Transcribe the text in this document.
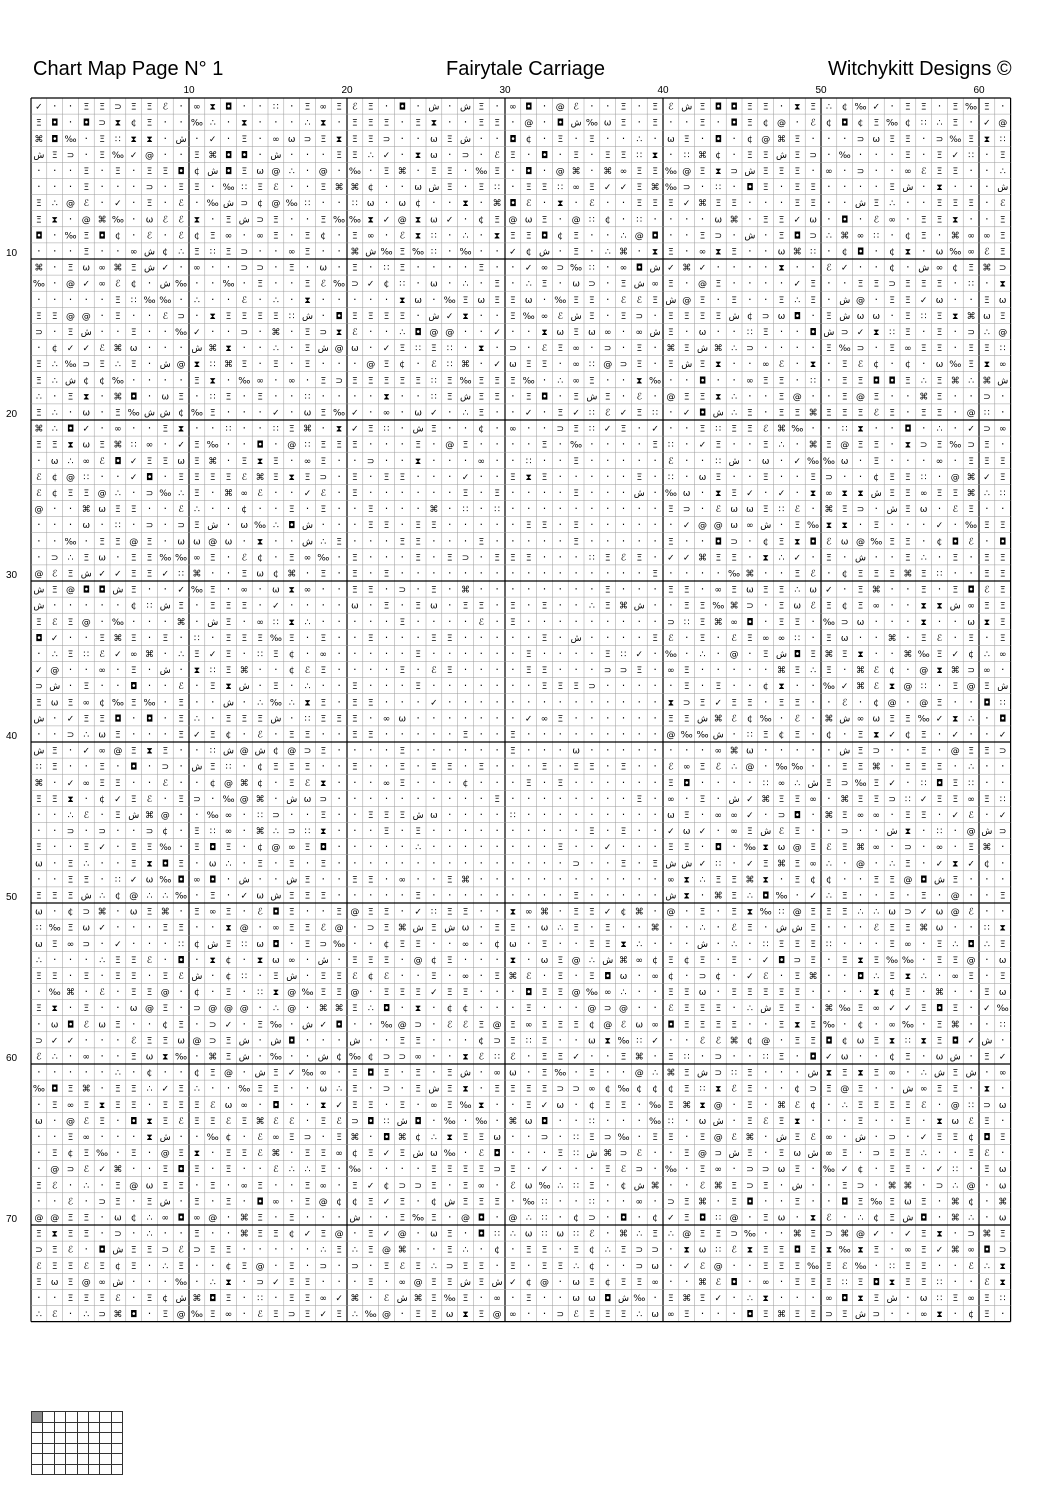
Chart Map Page N° 1	Fairytale Carriage	Witchykitt Designs ©
10	20	30	40	50	60
10
20
30
40
50
60
70
✓ · · Ξ Ξ ⊃ Ξ Ξ ℰ · ∞ ⧗ ◘ · · ∷ · Ξ ∞ Ξ ℰ Ξ · ◘ · ش · ش Ξ · ∞ ◘ · @ ℰ · · Ξ · Ξ ℰ ش Ξ ◘ ◘ Ξ Ξ · ⧗ Ξ ∴ ¢ ‰ ✓ · Ξ Ξ · Ξ ‰ Ξ ·
Ξ ◘ · ◘ ⊃ ⧗ ¢ Ξ · · ‰ ∴ · ⧗ · · · ∴ ⧗ · Ξ Ξ Ξ · Ξ ⧗ · · Ξ Ξ · @ · ◘ ش ‰ ω Ξ · Ξ · · Ξ · ◘ Ξ ¢ @ · ℰ ¢ ◘ ¢ Ξ ‰ ¢ ∷ ∴ Ξ · ✓ @
⌘ ◘ ‰ · Ξ ∷ ⧗ ⧗ · ش · ✓ · Ξ · ∞ ω ⊃ Ξ ⧗ Ξ Ξ ⊃ · · ω Ξ ش · · ◘ ¢ · Ξ · Ξ · · ∴ · ω Ξ · ◘ · ¢ @ ⌘ Ξ · · · ⊃ ω Ξ Ξ · ⊃ ‰ Ξ ⧗ ∷
ش Ξ ⊃ · Ξ ‰ ✓ @ · · Ξ ⌘ ◘ ◘ · ش · · · Ξ Ξ ∴ ✓ · ⧗ ω · ⊃ · ℰ Ξ · ◘ · Ξ · Ξ Ξ ∷ ⧗ · ∷ ⌘ ¢ · Ξ Ξ ش Ξ ⊃ · ‰ · · · Ξ · Ξ ✓ ∷ · Ξ
· · · Ξ · Ξ · Ξ Ξ ◘ ¢ ش ◘ Ξ ω @ ∴ · @ · ‰ · Ξ ⌘ · Ξ Ξ · ‰ Ξ · ◘ · @ ⌘ · ⌘ ∞ Ξ Ξ ‰ @ Ξ ⧗ ⊃ ش Ξ Ξ Ξ · ∞ · ⊃ · · ∞ ℰ Ξ Ξ · · ∴
· · · Ξ · · · ⊃ · Ξ Ξ · ‰ ∷ Ξ ℰ · · Ξ ⌘ ⌘ ¢ · · ω ش Ξ · Ξ ∷ · Ξ Ξ ∷ ∞ Ξ ✓ ✓ Ξ ⌘ ‰ ⊃ · ∷ · ◘ Ξ · Ξ Ξ · · · · Ξ ش · ⧗ · · · ش
Ξ ∴ @ ℰ · ✓ · Ξ · ℰ · ‰ ش ⊃ ¢ @ ‰ ∷ · · ∷ ω · ω ¢ · · ⧗ · ⌘ ◘ ℰ · ⧗ · ℰ · · Ξ Ξ Ξ ✓ ⌘ Ξ Ξ · · · Ξ Ξ · · ش Ξ ∴ · · Ξ Ξ Ξ · ℰ
Ξ ⧗ · @ ⌘ ‰ · ω ℰ ℰ ⧗ · Ξ ش ⊃ Ξ · · Ξ ‰ ‰ ⧗ ✓ @ ⧗ ω ✓ · ¢ Ξ @ ω Ξ · @ ∷ ¢ · ∷ · · · · ω ⌘ · Ξ Ξ ✓ ω · ◘ · ℰ ∞ · Ξ Ξ ⧗ · · Ξ
◘ · ‰ Ξ ◘ ¢ · ℰ · ℰ ¢ Ξ ∞ · ∞ Ξ · Ξ ¢ · Ξ ∞ · ℰ ⧗ ∷ · ∴ · ⧗ Ξ Ξ ◘ ¢ Ξ · · ∴ @ ◘ · · Ξ ⊃ · ش · Ξ ◘ ⊃ ∴ ⌘ ∞ ∷ · ¢ Ξ · ⌘ ∞ ∞ Ξ
· · · Ξ · · ∞ ش ¢ ∴ Ξ ∷ Ξ ⊃ · · ∞ Ξ · · ⌘ ش ‰ Ξ ‰ ∷ · ‰ · · ✓ ¢ ش · Ξ · ∴ ⌘ · ⧗ Ξ · ∞ ⧗ Ξ · · ω ⌘ ∷ · ¢ ◘ · ¢ ⧗ · ω ‰ ∞ ℰ Ξ
⌘ · Ξ ω ∞ ⌘ Ξ ش ✓ · ∞ · · ⊃ ⊃ · Ξ · ω · Ξ · ∷ Ξ · · · · Ξ · · ✓ ∞ ⊃ ‰ ∷ · ∞ ◘ ش ✓ ⌘ ✓ · · · · ⧗ · · ℰ ✓ · · ¢ · ش ∞ ¢ Ξ ⌘ ⊃
‰ · @ ✓ ∞ ℰ ¢ · ش ‰ · · ‰ · Ξ · · Ξ ℰ ‰ ⊃ ✓ ¢ ∷ · ω · ∴ · Ξ · ∴ Ξ · ω ⊃ · Ξ ش ∞ Ξ · @ Ξ · · · · ✓ Ξ · · Ξ Ξ ⊃ Ξ Ξ Ξ · ∷ · ⧗
· · · · · Ξ ∷ ‰ ‰ · ∴ · · ℰ · ∴ · ⧗ · · · · · ⧗ ω · ‰ Ξ ω Ξ Ξ ω · ‰ Ξ Ξ · ℰ ℰ Ξ ش @ Ξ · Ξ · · Ξ ∴ Ξ · ش @ · Ξ Ξ ✓ ω · · Ξ ω
Ξ Ξ @ @ · Ξ · · ℰ ⊃ · ⧗ Ξ Ξ Ξ Ξ ∷ ش · ◘ Ξ Ξ Ξ Ξ · ش ✓ ⧗ · · Ξ ‰ ∞ ℰ ش Ξ · Ξ ⊃ · Ξ Ξ Ξ Ξ ش ¢ ⊃ ω ◘ · Ξ ش ω ω · Ξ ∷ Ξ ⧗ ⌘ ω Ξ
⊃ · Ξ ش · · Ξ · · ‰ ✓ · · ⊃ · ⌘ · Ξ ⊃ ⧗ ℰ · · ∴ ◘ @ @ · · ✓ · · ⧗ ω Ξ ω ∞ · ∞ ش Ξ · ω · · ∷ Ξ · · ◘ ش ⊃ ✓ ⧗ ∷ Ξ · Ξ · ⊃ ∴ @
· ¢ ✓ ✓ ℰ ⌘ ω · · · ش ⌘ ⧗ · · ∴ · Ξ ش @ ω · ✓ Ξ ∷ Ξ ∷ · ⧗ · ⊃ · ℰ Ξ ∞ · ⊃ · Ξ · ⌘ Ξ ش ⌘ ∴ ⊃ · · · · Ξ ‰ ⊃ · Ξ ∞ Ξ Ξ · Ξ Ξ ∷
Ξ ∴ ‰ ⊃ Ξ ∴ Ξ · ش @ ⧗ ∷ ⌘ Ξ · Ξ · Ξ · · · @ Ξ ¢ · ℰ ∷ ⌘ · ✓ ω Ξ Ξ · ∞ ∷ @ ⊃ Ξ · Ξ ش Ξ ⧗ · · ∞ ℰ · ⧗ · Ξ ℰ ¢ · ¢ · ω ‰ Ξ ⧗ ∞
Ξ ∴ ش ¢ ¢ ‰ · · · · Ξ ⧗ · ‰ ∞ · ∞ · Ξ ⊃ Ξ Ξ Ξ Ξ Ξ ∷ Ξ ‰ Ξ Ξ Ξ ‰ · ∴ ∞ Ξ · · ⧗ ‰ · · ◘ · · ∞ Ξ Ξ · ∷ · Ξ Ξ ◘ ◘ Ξ ∴ Ξ ⌘ ∴ ⌘ ش
∴ · Ξ ⧗ · ⌘ ◘ · ω Ξ · ∷ Ξ · Ξ · · ∷ · · · · ⧗ · · ∷ Ξ ش Ξ Ξ · Ξ ◘ · Ξ ش Ξ · ℰ · @ Ξ Ξ ⧗ ∴ · · Ξ @ · · Ξ @ Ξ · · ⌘ Ξ · · ⊃ ·
Ξ ∴ · ω · Ξ ‰ ش ش ¢ ‰ Ξ · · · ✓ · ω Ξ ‰ ✓ · ∞ · ω ✓ · ∴ Ξ · · ✓ · Ξ ✓ ∷ ℰ ✓ Ξ ∷ · ✓ ◘ ش ∴ Ξ · Ξ Ξ ⌘ Ξ Ξ Ξ ℰ Ξ · Ξ Ξ · @ ∷ ·
⌘ ∴ ◘ ✓ · ∞ · · Ξ ⧗ · · ∷ · · ∷ Ξ ⌘ · ⧗ ✓ Ξ ∷ · ش Ξ · · ¢ · ∞ · · ⊃ Ξ ∷ ✓ Ξ · ✓ · · Ξ ∷ Ξ Ξ ℰ ⌘ ‰ · · ∷ ⧗ · · ◘ · ∴ · ✓ ⊃ ∞
Ξ Ξ ⧗ ω Ξ ⌘ ∷ ∞ · ✓ Ξ ‰ · · ◘ · @ ∷ Ξ Ξ Ξ · · · Ξ · @ Ξ · · · · Ξ · ‰ · · · · Ξ ∷ · ✓ Ξ · · Ξ ∴ · ⌘ Ξ @ Ξ Ξ · ⧗ ⊃ Ξ ‰ ⊃ Ξ ·
· ω ∴ ∞ ℰ ◘ ✓ Ξ Ξ ω Ξ ⌘ · Ξ ⧗ Ξ · ∞ Ξ · · ⊃ · · ⧗ · · · ∞ · · ∷ · · Ξ · · · · · ℰ · · ∷ ش · ω · ✓ ‰ ‰ ω · Ξ · · · ∞ · Ξ Ξ Ξ
ℰ ¢ @ ∷ · · ✓ ◘ · Ξ Ξ Ξ Ξ ℰ ⌘ Ξ ⧗ Ξ ⊃ · Ξ · Ξ Ξ · · · ✓ · · Ξ ⧗ Ξ · · · · · Ξ · ∷ · ω Ξ · · Ξ · · Ξ ⊃ · · ¢ Ξ Ξ ∷ · @ ⌘ ✓ Ξ
ℰ ¢ Ξ Ξ @ ∴ · ⊃ ‰ ∴ Ξ · ⌘ ∞ ℰ · · ✓ ℰ · Ξ · · · · · · Ξ · Ξ · · · · Ξ · · · ش · ‰ ω · ⧗ Ξ ✓ · ✓ · ⧗ ∞ ⧗ ⧗ ش Ξ Ξ ∞ Ξ Ξ ⌘ ∴ ∷
@ · · ⌘ ω Ξ Ξ · · ℰ ∴ · · ¢ · · Ξ · Ξ · · Ξ · · · ⌘ · ∷ · ∷ · · · · · · · · · · Ξ ⊃ · ℰ ω ω Ξ ∷ ℰ · ⌘ Ξ ⊃ · ش Ξ ω · ℰ Ξ · ·
· · · ω · ∷ · ⊃ · ⊃ Ξ ش · ω ‰ ∴ ◘ ش · · · Ξ Ξ · Ξ Ξ · · · · · Ξ Ξ · Ξ · · · · · · ✓ @ @ ω ∞ ش · Ξ ‰ ⧗ ⧗ · Ξ · · · ✓ · ‰ Ξ Ξ
· · ‰ · Ξ Ξ @ Ξ · ω ω @ ω · ⧗ · · ش ∴ Ξ · · · Ξ Ξ · · · Ξ · · · · · Ξ · · · · · Ξ · · ◘ ⊃ · ¢ Ξ ⧗ ◘ ℰ ω @ ‰ Ξ Ξ · ¢ ◘ ℰ · ◘
· ⊃ ∴ Ξ ω · Ξ Ξ ‰ ‰ ∞ Ξ · ℰ ¢ · Ξ ∞ ‰ · Ξ · · · Ξ · Ξ ⊃ · Ξ Ξ Ξ · · · ∷ Ξ ℰ Ξ · ✓ ✓ ⌘ Ξ Ξ · ⧗ ∴ ✓ · Ξ · ش · · Ξ ∴ · Ξ · Ξ Ξ
@ ℰ Ξ ش ✓ ✓ Ξ Ξ ✓ ∷ ⌘ · · Ξ ω ¢ ⌘ · Ξ · Ξ · Ξ · · · · · · · · · · · · · · · · Ξ · · · · ‰ ⌘ · · Ξ ℰ · ¢ Ξ Ξ Ξ ⌘ Ξ ∷ · · Ξ Ξ
ش Ξ @ ◘ ◘ ش Ξ · · ✓ ‰ Ξ · ∞ · ω ⧗ ∞ · · Ξ Ξ · ⊃ · Ξ · ⌘ · · · · · · · · Ξ · · · Ξ Ξ · ∞ Ξ ω Ξ Ξ ∴ ω ✓ · Ξ ⌘ · · Ξ · Ξ ◘ ℰ Ξ
ش · · · · · ¢ ∷ ش Ξ · Ξ Ξ Ξ · ✓ · · · · ω · Ξ · Ξ ω · Ξ Ξ · Ξ · Ξ · · ∴ Ξ ⌘ ش · · Ξ Ξ ‰ ⌘ ⊃ · Ξ ω ℰ Ξ ¢ Ξ ∞ · · ⧗ ⧗ ش ∞ Ξ Ξ
Ξ ℰ Ξ @ · ‰ · · · ⌘ · ش Ξ · ∞ ∷ ⧗ ∴ · · · · · Ξ · · · · ℰ · Ξ · · · · · · · · · ⊃ ∷ Ξ ⌘ ∞ ◘ · Ξ Ξ · ‰ ⊃ ω · · · ⧗ · · ω ⧗ Ξ
◘ ✓ · · Ξ ⌘ Ξ · Ξ · ∷ · Ξ Ξ Ξ ‰ Ξ · Ξ · · Ξ · · · Ξ Ξ · · · · · Ξ · ش · · · · Ξ ℰ · Ξ · ℰ Ξ ∞ ∞ ∷ · Ξ ω · · ⌘ · Ξ ℰ · Ξ · Ξ
· ∴ Ξ ∷ ℰ ✓ ∞ ⌘ · ∴ Ξ ✓ Ξ · ∷ Ξ ¢ · ∞ · · · · · Ξ · · · · · · Ξ · · · · Ξ ∷ ✓ · ‰ · ∴ · @ · Ξ ش ◘ Ξ ⌘ Ξ ⧗ · · ⌘ ‰ Ξ ✓ ¢ ∴ ∞
✓ @ · · ∞ · Ξ · ش · ⧗ ∷ Ξ ⌘ · · ¢ ℰ Ξ · · · · Ξ · ℰ Ξ · · · · Ξ Ξ · · · ⊃ ⊃ Ξ · ∞ Ξ · · · · · ⌘ Ξ ∴ Ξ · ⌘ ℰ ¢ · @ ⧗ ⌘ ⊃ ∞ ·
⊃ ش · Ξ · · ◘ · · ℰ · Ξ ⧗ ش · Ξ · ∴ · · Ξ · · · Ξ · · · · · · · Ξ Ξ Ξ ⊃ · · · · · Ξ · Ξ · · ¢ ⧗ · · ‰ ✓ ⌘ ℰ ⧗ @ ∷ · Ξ @ Ξ ش
Ξ ω Ξ ∞ ¢ ‰ Ξ ‰ · Ξ · · ش · ∴ ‰ ∴ ⧗ Ξ · Ξ Ξ · · · ✓ · · · · · · · · · · · · · · ⧗ ⊃ Ξ ✓ Ξ Ξ · Ξ Ξ · · ℰ · ¢ @ · @ Ξ · · ◘ ∷
ش · ✓ Ξ Ξ ◘ · ◘ · Ξ ∴ · Ξ Ξ Ξ ش · ∷ Ξ Ξ Ξ · ∞ ω · · · · · · · ✓ ∞ Ξ · · · · · · Ξ Ξ ش ⌘ ℰ ¢ ‰ · ℰ · ⌘ ش ∞ ω Ξ Ξ ‰ ✓ ⧗ ∴ · ◘
· · ⊃ ∴ ω Ξ · · · Ξ ✓ Ξ ¢ · ℰ · Ξ Ξ · · Ξ Ξ · · · · · Ξ · · Ξ · · · · · · · · · @ ‰ ‰ ش · ∷ Ξ ¢ Ξ · ¢ · Ξ ⧗ ✓ ¢ Ξ · ✓ · · ✓
ش Ξ · ✓ ∞ @ Ξ ⧗ Ξ · · ∷ ش @ ش ¢ @ ⊃ Ξ · · · · Ξ · · · · · · Ξ · · · ω · · · · · · · · ∞ ⌘ ω · · · · · ش Ξ ⊃ · · Ξ · @ Ξ Ξ ⊃
∷ Ξ · · Ξ · ◘ · ⊃ · ش Ξ ∷ · ¢ Ξ Ξ Ξ · · Ξ · · Ξ · Ξ Ξ · Ξ · · · Ξ · Ξ Ξ · Ξ · · ℰ ∞ Ξ ℰ ∴ @ · ‰ ‰ · · Ξ Ξ ⌘ · Ξ Ξ Ξ · ∴ · ·
⌘ · ✓ ∞ Ξ Ξ · · ℰ · · ¢ @ ⌘ ¢ · Ξ ℰ ⧗ · · · ∞ Ξ · · · ¢ · · · Ξ · Ξ · · · · · · Ξ ◘ · · · · ∷ ∞ ∴ ش Ξ ⊃ ‰ Ξ ✓ · ∷ ◘ Ξ ∷ · ·
Ξ Ξ ⧗ · ¢ ✓ Ξ ℰ · Ξ ⊃ · ‰ @ ⌘ · ش ω ⊃ · · · · · · · · · · Ξ · · · · · · · · Ξ · ∞ · Ξ · ش ✓ ⌘ Ξ Ξ ∞ · ⌘ Ξ Ξ ⊃ ∷ ✓ Ξ Ξ ∞ Ξ ∷
· · ∴ ℰ · Ξ ش ⌘ @ · · ‰ ∞ · ∷ ⊃ · · Ξ · · Ξ Ξ Ξ ش ω · · · · ∷ · · · · · · · · · ω Ξ · ∞ ∞ ✓ · ⊃ ◘ · ⌘ Ξ ∞ ∞ · Ξ Ξ · ✓ ℰ · ✓
· · ⊃ · ⊃ · · ⊃ ¢ · Ξ ∷ ∞ · ⌘ ∴ ⊃ ∷ ⧗ · · · Ξ · Ξ · · · · · · · · · · Ξ · Ξ · · ✓ ω ✓ · ∞ Ξ ش ℰ Ξ · · ⊃ · · ش ⧗ · ∷ · @ ش ⊃
Ξ · · Ξ ✓ · Ξ Ξ ‰ · Ξ ◘ Ξ · ¢ @ ∞ Ξ ◘ · · · · · ∴ · · · · · · · · Ξ · · ✓ · · · Ξ Ξ · ◘ · ‰ ⧗ ω @ Ξ ℰ Ξ ⌘ ∞ · ⊃ · ∞ · Ξ ⌘ ·
ω · Ξ ∴ · · Ξ ⧗ ◘ Ξ · ω ∴ · Ξ · Ξ · Ξ · · · · · · · · · · · · · · · ⊃ · · Ξ · Ξ ش ش ✓ ∷ · ✓ Ξ ⌘ Ξ ∞ ∴ · @ · ∴ Ξ · ✓ ⧗ ✓ ¢ ·
· · Ξ Ξ · ∷ ✓ ω ‰ ◘ ∞ ◘ · ش · · ش Ξ · · Ξ Ξ · ∞ · · Ξ ⌘ · · · · · · · · · · · · ∞ ⧗ ∴ Ξ Ξ ⌘ ⧗ · Ξ ¢ ¢ · · Ξ Ξ @ ◘ ش Ξ · · ·
Ξ Ξ Ξ ش ∴ ¢ @ ∴ ∴ ‰ · Ξ · ✓ ω ش Ξ Ξ Ξ · · · · · Ξ · · · · · · · · · Ξ · · · · · ش ⧗ · ⌘ Ξ ∴ ◘ ‰ · ✓ ∴ Ξ · · Ξ · Ξ · @ · · Ξ
ω · ¢ ⊃ ⌘ · ω Ξ ⌘ · Ξ ∞ Ξ · ℰ ◘ Ξ · · Ξ @ Ξ Ξ · ✓ ∷ Ξ Ξ · · ⧗ ∞ ⌘ · Ξ Ξ ✓ ¢ ⌘ · @ · Ξ · Ξ ⧗ ‰ ∷ @ Ξ Ξ Ξ ∴ ∴ ω ⊃ ✓ ω @ ℰ · ·
∷ ‰ Ξ ω ✓ · · · Ξ Ξ · · ⧗ @ · ∞ Ξ Ξ ℰ @ · ⊃ Ξ ⌘ ش Ξ ش ω · Ξ Ξ · ω ∴ Ξ · Ξ · · ⌘ · · ∴ · ℰ Ξ · ش ش Ξ · · · ℰ Ξ Ξ ⌘ ω · · ∷ ⧗
ω Ξ ∞ ⊃ · ✓ · · · ∷ ¢ ش Ξ ∷ ω ◘ · Ξ ⊃ ‰ · · ¢ Ξ Ξ · · ∞ · ¢ ω · Ξ · · Ξ Ξ ⧗ ∴ · · · ش · ∴ · ∷ Ξ Ξ Ξ ∷ · · · Ξ ∞ · Ξ ∴ ◘ ∴ Ξ
∴ · · · ∴ Ξ Ξ ℰ · ◘ · ⧗ ¢ · ⧗ ω ∞ · ش · Ξ Ξ Ξ · @ ¢ Ξ · · · ⧗ · ω Ξ @ ∴ ش ⌘ ∞ ¢ Ξ ¢ Ξ · Ξ · ✓ ◘ ⊃ Ξ · Ξ ⧗ Ξ ‰ ‰ · Ξ Ξ @ · ω
Ξ Ξ · Ξ · Ξ Ξ · Ξ ℰ ش · ¢ ∷ · Ξ ش · Ξ Ξ ℰ ¢ ℰ · · Ξ · ∞ · Ξ ⌘ ℰ · Ξ · Ξ ◘ ω · ∞ ¢ · ⊃ ¢ · ✓ ℰ · Ξ ⌘ · · ◘ ∴ Ξ ⧗ ∴ · ∞ Ξ · Ξ
· ‰ ⌘ · ℰ · Ξ Ξ @ · ¢ · Ξ · ∷ ⧗ @ ‰ Ξ Ξ @ · Ξ Ξ Ξ ✓ Ξ Ξ · · · ◘ Ξ Ξ @ ‰ ∞ ∴ · · Ξ Ξ ω · Ξ Ξ Ξ Ξ Ξ · · · · ⧗ ¢ Ξ · ⌘ · · Ξ ω
Ξ ⧗ · Ξ · · ω @ Ξ · ⊃ @ @ @ · ∴ @ · ⌘ ⌘ Ξ ∴ ◘ · ⧗ · ¢ ¢ · · · Ξ · · · @ ⊃ @ · · ℰ Ξ Ξ Ξ · ∴ ش Ξ Ξ · ⌘ ‰ Ξ ∞ ✓ ✓ Ξ ◘ Ξ · ✓ ‰
· ω ◘ ℰ ω Ξ · · ¢ Ξ · ⊃ ✓ · Ξ ‰ · ش ✓ ◘ · · ‰ @ ⊃ · ℰ ℰ Ξ @ Ξ ∞ Ξ Ξ Ξ ¢ @ ℰ ω ∞ ◘ Ξ Ξ Ξ Ξ · · Ξ ⧗ Ξ ‰ · ¢ · ∞ ‰ · Ξ ⌘ · · ∷
⊃ ✓ ✓ · · · ℰ Ξ Ξ ω @ ⊃ Ξ ش · ش ◘ · · · ش · · Ξ Ξ · · · ¢ ⊃ Ξ ∷ Ξ · · ω ⧗ ‰ ∷ ✓ · · ℰ ℰ ⌘ ¢ @ · Ξ Ξ ◘ ¢ ω Ξ ⧗ ∷ ⧗ Ξ ◘ ✓ ش ·
ℰ ∴ · ∞ · · Ξ ω ⧗ ‰ · ⌘ Ξ ش · ‰ · · ش ¢ ‰ ¢ ⊃ ⊃ ∞ · · ⧗ ℰ ∷ ℰ · Ξ Ξ ✓ · · Ξ ⌘ · Ξ ∷ · ⊃ · · ∷ Ξ · ◘ ✓ ω · · ¢ Ξ · ω ش · Ξ ✓
· · · · · ∴ · ¢ · · ¢ Ξ @ · ش Ξ ✓ ‰ ∞ · Ξ ◘ Ξ · Ξ · Ξ ش · ∞ ω · Ξ ‰ · Ξ · · @ ∴ ⌘ Ξ ش ⊃ ∷ Ξ · · · ش ⧗ Ξ ⧗ Ξ ∞ · ∴ ش Ξ ش · ∞
‰ ◘ Ξ ⌘ · Ξ Ξ ∴ ✓ Ξ ∴ · · ‰ Ξ Ξ · · ω ∴ Ξ · ⊃ · Ξ ش Ξ ⧗ · Ξ Ξ Ξ Ξ ⊃ ⊃ ∞ ¢ ‰ ¢ ¢ ¢ Ξ ∷ ⧗ ℰ Ξ · · ¢ ⊃ Ξ @ Ξ · · ش ∞ Ξ Ξ · ⧗ ·
· Ξ ∞ Ξ ⧗ Ξ Ξ · Ξ Ξ Ξ ℰ ω ∞ · ◘ · · ⧗ ✓ Ξ Ξ · Ξ · ∞ Ξ ‰ ⧗ · · Ξ ✓ ω · ¢ Ξ Ξ · ‰ Ξ ⌘ ⧗ @ · Ξ · ⌘ ℰ ¢ · ∴ Ξ Ξ Ξ Ξ ℰ · @ ∷ ⊃ ω
ω · @ ℰ Ξ · ◘ ⧗ Ξ ℰ Ξ Ξ ℰ Ξ ⌘ ℰ ℰ · Ξ ℰ ⊃ ◘ ∷ ش ◘ · ‰ · ‰ · ⌘ ω ◘ · · ∷ · · · ‰ ∷ · ω ش · Ξ ℰ Ξ ⧗ · · · Ξ · · Ξ · ⧗ ω ℰ Ξ ·
· · Ξ ∞ · · · ⧗ ش · · ‰ ¢ · ℰ ∞ Ξ ⊃ · Ξ ⌘ · ◘ ⌘ ¢ ∴ ⧗ Ξ Ξ ω · · ⊃ · ∷ Ξ ⊃ ‰ · Ξ Ξ · Ξ @ ℰ ⌘ · ش Ξ ℰ ∞ · ش · ⊃ · ✓ Ξ Ξ ¢ ◘ Ξ
· Ξ ¢ Ξ ‰ · Ξ · @ Ξ ⧗ · Ξ Ξ ℰ ⌘ · Ξ Ξ ∞ ¢ Ξ ✓ Ξ ش ω ‰ · ℰ ◘ · · · Ξ ∷ ش ⌘ ⊃ ℰ · · Ξ @ ⊃ ش Ξ · Ξ ω ش ∞ Ξ · ⊃ Ξ Ξ ∴ · · Ξ ℰ ·
· @ ⊃ ℰ ✓ ⌘ · · Ξ ◘ Ξ · Ξ · · ℰ ∴ ∴ Ξ · ‰ · · · · Ξ Ξ Ξ Ξ ⊃ Ξ · ✓ · · · Ξ ℰ ⊃ · ‰ · Ξ ∞ · ⊃ ⊃ ω Ξ · ‰ ✓ ¢ · Ξ Ξ · ✓ ∷ · Ξ ω
Ξ ℰ · ∴ · Ξ @ ω Ξ Ξ · Ξ · ∞ Ξ · · Ξ ∞ · Ξ ✓ ¢ ⊃ ⊃ Ξ · Ξ ∞ · ℰ ω ‰ ∴ ∷ Ξ · ¢ ش ⌘ · · ℰ ⌘ Ξ ⊃ Ξ · ش · · Ξ ⊃ · ⌘ ⌘ · ⊃ ∴ @ · ω
· · ℰ · ⊃ Ξ · Ξ ش · Ξ · Ξ · ◘ ∞ · Ξ @ ¢ ¢ Ξ ✓ Ξ · ¢ ش Ξ Ξ Ξ · ‰ ∷ · · ∷ · · ∞ · ⊃ Ξ ⌘ · Ξ ◘ · · Ξ · · ◘ Ξ ‰ Ξ ω Ξ · ⌘ ¢ · ⌘
@ @ Ξ Ξ · ω ¢ ∴ ∞ ◘ ∞ @ · ⌘ Ξ · Ξ · · · ش · · Ξ ‰ Ξ · @ ◘ · @ ∴ ∷ · ¢ ⊃ · ◘ · ¢ ✓ Ξ ◘ ∷ @ · Ξ ω · ⧗ ℰ · ∴ ¢ Ξ ش ◘ · ⌘ ∴ · ω
Ξ ⧗ Ξ Ξ · ⊃ · ∴ · · Ξ · · ⌘ Ξ Ξ ¢ ✓ Ξ @ · Ξ ✓ @ · ω Ξ · ◘ ∷ ∴ ω ∷ ω ∷ ℰ · ⌘ ∴ Ξ ∴ @ Ξ Ξ ⊃ ‰ · · ⌘ Ξ ⊃ ⌘ @ ✓ · ✓ Ξ ⧗ · ⊃ ⌘ Ξ
⊃ Ξ ℰ · ◘ ش Ξ Ξ ⊃ ℰ ⊃ Ξ Ξ · · · · · ∴ Ξ ∴ Ξ @ ⌘ · · Ξ ∴ · ¢ · Ξ Ξ · Ξ ¢ ∴ Ξ ⊃ ⊃ · ⧗ ω ∷ ℰ ⧗ Ξ Ξ ◘ Ξ ⧗ ‰ ⧗ Ξ · ∞ Ξ ✓ ⌘ ∞ ◘ ⊃
ℰ Ξ Ξ ℰ Ξ ¢ Ξ · ∴ Ξ · · ¢ Ξ @ · Ξ · ⊃ · ⊃ · Ξ ℰ Ξ ∴ ⊃ Ξ Ξ · Ξ · Ξ Ξ ∴ ¢ · · ⊃ ω · ✓ ℰ @ · · Ξ Ξ Ξ ‰ Ξ ℰ ‰ · ∷ Ξ Ξ · · ℰ ∴ ⧗
Ξ ω Ξ @ ∞ ش · · · ‰ · ∴ ⧗ · ⊃ ✓ Ξ Ξ · · · Ξ · ∞ @ Ξ Ξ ش Ξ ش ✓ ¢ @ · ω Ξ ¢ Ξ Ξ ∞ · · ⌘ ℰ ◘ · ∞ · Ξ Ξ Ξ ∷ Ξ ◘ ⧗ Ξ Ξ ∷ · · ℰ ⧗
· · Ξ Ξ Ξ ℰ · Ξ ¢ ش ⌘ ◘ Ξ · ∷ · Ξ Ξ ∞ ✓ ⌘ · ℰ ش ⌘ Ξ ‰ Ξ · ∞ · Ξ · · ω ω ◘ ش ‰ · Ξ ⌘ Ξ ✓ · ∴ ⧗ · · · ∞ ◘ ⧗ Ξ ش · ω ∷ Ξ ∞ Ξ ∷
∴ ℰ · ∴ ⊃ ⌘ ◘ · Ξ @ ‰ Ξ ∞ · ℰ Ξ ⊃ Ξ ✓ Ξ ∴ ‰ @ · Ξ Ξ ω ⧗ Ξ @ ∞ · · ⊃ ℰ Ξ Ξ Ξ ∴ ω ∞ Ξ · · · ◘ Ξ ⌘ Ξ Ξ ⊃ Ξ ش ⊃ · · ∞ ⧗ · ¢ Ξ ·
